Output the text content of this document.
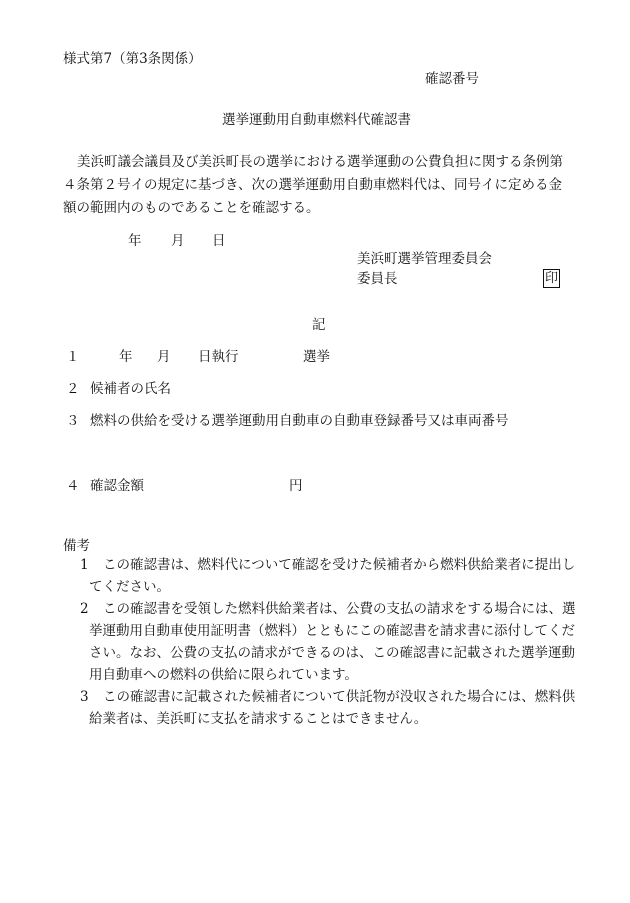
様式第7（第3条関係）
確認番号
選挙運動用自動車燃料代確認書
美浜町議会議員及び美浜町長の選挙における選挙運動の公費負担に関する条例第４条第２号イの規定に基づき、次の選挙運動用自動車燃料代は、同号イに定める金額の範囲内のものであることを確認する。
年 月 日
美浜町選挙管理委員会
委員長	印
記
１	年 月 日執行	選挙
２ 候補者の氏名
３ 燃料の供給を受ける選挙運動用自動車の自動車登録番号又は車両番号
４ 確認金額	円
備考
1	この確認書は、燃料代について確認を受けた候補者から燃料供給業者に提出し
てください。
2	この確認書を受領した燃料供給業者は、公費の支払の請求をする場合には、選
挙運動用自動車使用証明書（燃料）とともにこの確認書を請求書に添付してくだ
さい。なお、公費の支払の請求ができるのは、この確認書に記載された選挙運動
用自動車への燃料の供給に限られています。
3	この確認書に記載された候補者について供託物が没収された場合には、燃料供
給業者は、美浜町に支払を請求することはできません。
